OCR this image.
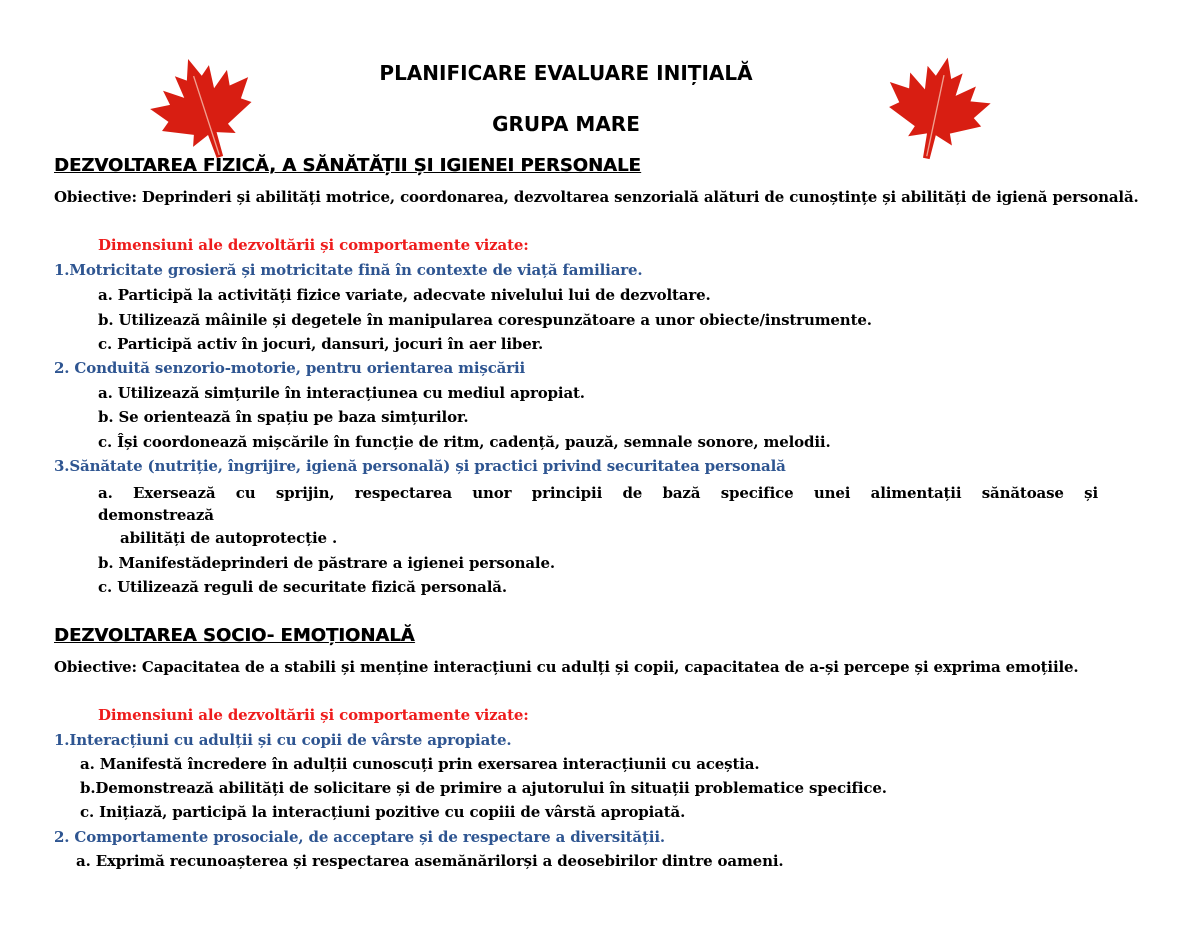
PLANIFICARE EVALUARE INIȚIALĂ
GRUPA MARE
DEZVOLTAREA FIZICĂ, A SĂNĂTĂȚII ȘI IGIENEI PERSONALE
Obiective: Deprinderi și abilități motrice, coordonarea, dezvoltarea senzorială alături de cunoștințe și abilități de igienă personală.
Dimensiuni ale dezvoltării și comportamente vizate:
1.Motricitate grosieră și motricitate fină în contexte de viață familiare.
a. Participă la activități fizice variate, adecvate nivelului lui de dezvoltare.
b. Utilizează mâinile și degetele în manipularea corespunzătoare a unor obiecte/instrumente.
c. Participă activ în jocuri, dansuri, jocuri în aer liber.
2. Conduită senzorio-motorie, pentru orientarea mișcării
a. Utilizează simțurile în interacțiunea cu mediul apropiat.
b. Se orientează în spațiu pe baza simțurilor.
c. Își coordonează mișcările în funcție de ritm, cadență, pauză, semnale sonore, melodii.
3.Sănătate (nutriție, îngrijire, igienă personală) și practici privind securitatea personală
a. Exersează cu sprijin, respectarea unor principii de bază specifice unei alimentații sănătoase și demonstrează
abilități de autoprotecție .
b. Manifestădeprinderi de păstrare a igienei personale.
c. Utilizează reguli de securitate fizică personală.
DEZVOLTAREA SOCIO- EMOȚIONALĂ
Obiective: Capacitatea de a stabili și menține interacțiuni cu adulți și copii, capacitatea de a-și percepe și exprima emoțiile.
Dimensiuni ale dezvoltării și comportamente vizate:
1.Interacțiuni cu adulții și cu copii de vârste apropiate.
a. Manifestă încredere în adulții cunoscuți prin exersarea interacțiunii cu aceștia.
b.Demonstrează abilități de solicitare și de primire a ajutorului în situații problematice specifice.
c. Inițiază, participă la interacțiuni pozitive cu copiii de vârstă apropiată.
2. Comportamente prosociale, de acceptare și de respectare a diversității.
a. Exprimă recunoașterea și respectarea asemănărilorși a deosebirilor dintre oameni.
